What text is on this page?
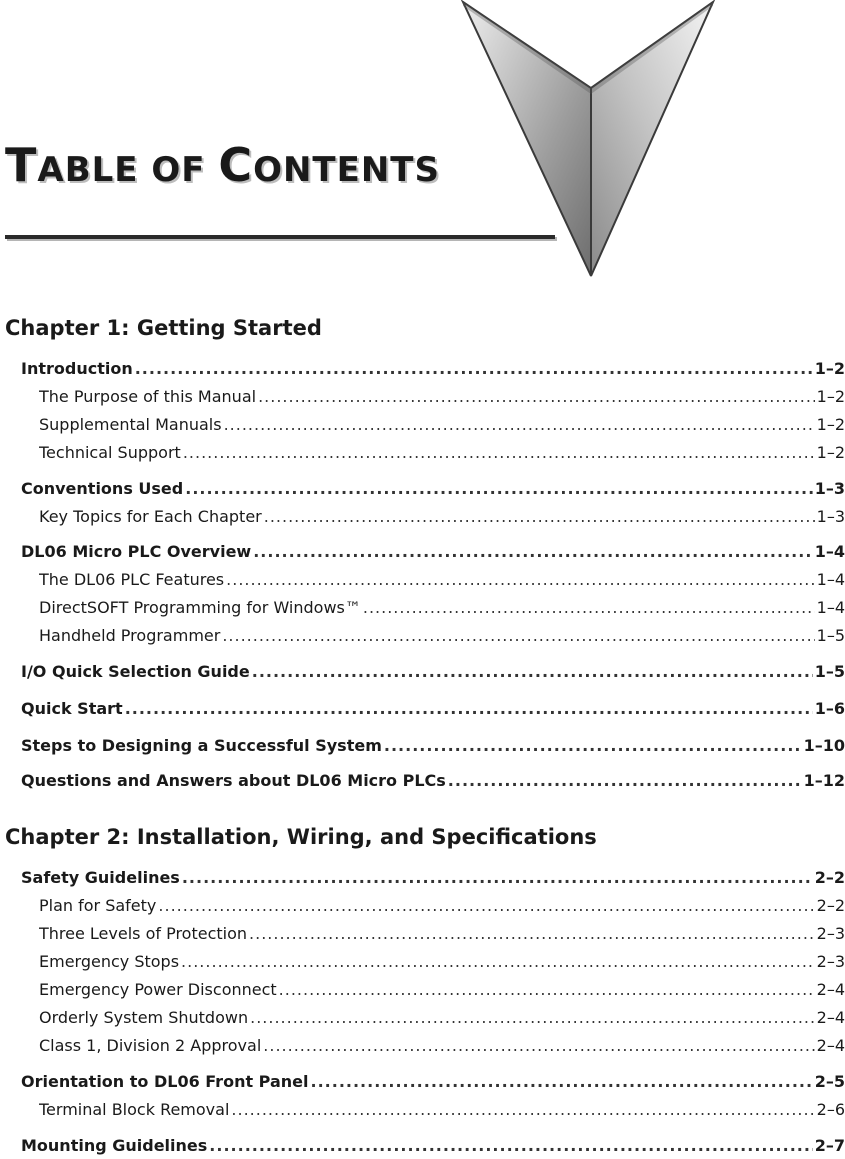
TABLE OF CONTENTS
Chapter 1: Getting Started
Introduction .....	1–2
The Purpose of this Manual .....	1–2
Supplemental Manuals .....	1–2
Technical Support .....	1–2
Conventions Used .....	1–3
Key Topics for Each Chapter .....	1–3
DL06 Micro PLC Overview .....	1–4
The DL06 PLC Features .....	1–4
DirectSOFT Programming for Windows™ .....	1–4
Handheld Programmer .....	1–5
I/O Quick Selection Guide .....	1–5
Quick Start .....	1–6
Steps to Designing a Successful System .....	1–10
Questions and Answers about DL06 Micro PLCs .....	1–12
Chapter 2: Installation, Wiring, and Specifications
Safety Guidelines .....	2–2
Plan for Safety .....	2–2
Three Levels of Protection .....	2–3
Emergency Stops .....	2–3
Emergency Power Disconnect .....	2–4
Orderly System Shutdown .....	2–4
Class 1, Division 2 Approval .....	2–4
Orientation to DL06 Front Panel .....	2–5
Terminal Block Removal .....	2–6
Mounting Guidelines .....	2–7
